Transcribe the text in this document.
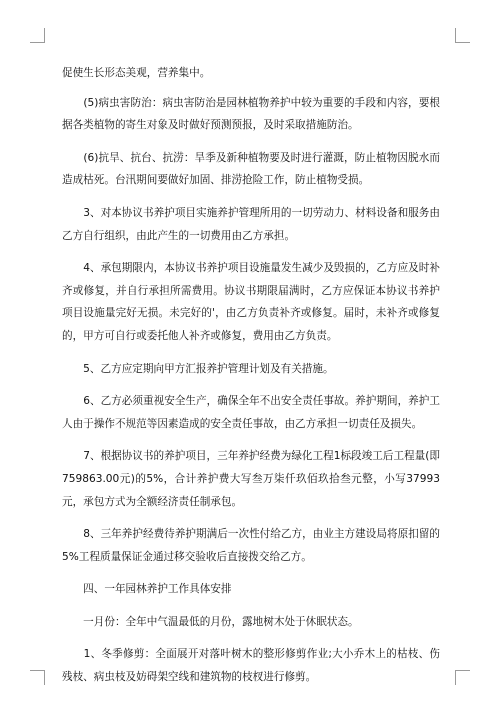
促使生长形态美观，营养集中。

　　(5)病虫害防治：病虫害防治是园林植物养护中较为重要的手段和内容，要根据各类植物的寄生对象及时做好预测预报，及时采取措施防治。

　　(6)抗旱、抗台、抗涝：旱季及新种植物要及时进行灌溉，防止植物因脱水而造成枯死。台汛期间要做好加固、排涝抢险工作，防止植物受损。

　　3、对本协议书养护项目实施养护管理所用的一切劳动力、材料设备和服务由乙方自行组织，由此产生的一切费用由乙方承担。

　　4、承包期限内，本协议书养护项目设施量发生减少及毁损的，乙方应及时补齐或修复，并自行承担所需费用。协议书期限届满时，乙方应保证本协议书养护项目设施量完好无损。未完好的'，由乙方负责补齐或修复。届时，未补齐或修复的，甲方可自行或委托他人补齐或修复，费用由乙方负责。

　　5、乙方应定期向甲方汇报养护管理计划及有关措施。

　　6、乙方必须重视安全生产，确保全年不出安全责任事故。养护期间，养护工人由于操作不规范等因素造成的安全责任事故，由乙方承担一切责任及损失。

　　7、根据协议书的养护项目，三年养护经费为绿化工程1标段竣工后工程量(即759863.00元)的5%，合计养护费大写叁万柒仟玖佰玖拾叁元整，小写37993元，承包方式为全额经济责任制承包。

　　8、三年养护经费待养护期满后一次性付给乙方，由业主方建设局将原扣留的5%工程质量保证金通过移交验收后直接拨交给乙方。

　　四、一年园林养护工作具体安排

　　一月份：全年中气温最低的月份，露地树木处于休眠状态。

　　1、冬季修剪：全面展开对落叶树木的整形修剪作业;大小乔木上的枯枝、伤残枝、病虫枝及妨碍架空线和建筑物的枝杈进行修剪。
